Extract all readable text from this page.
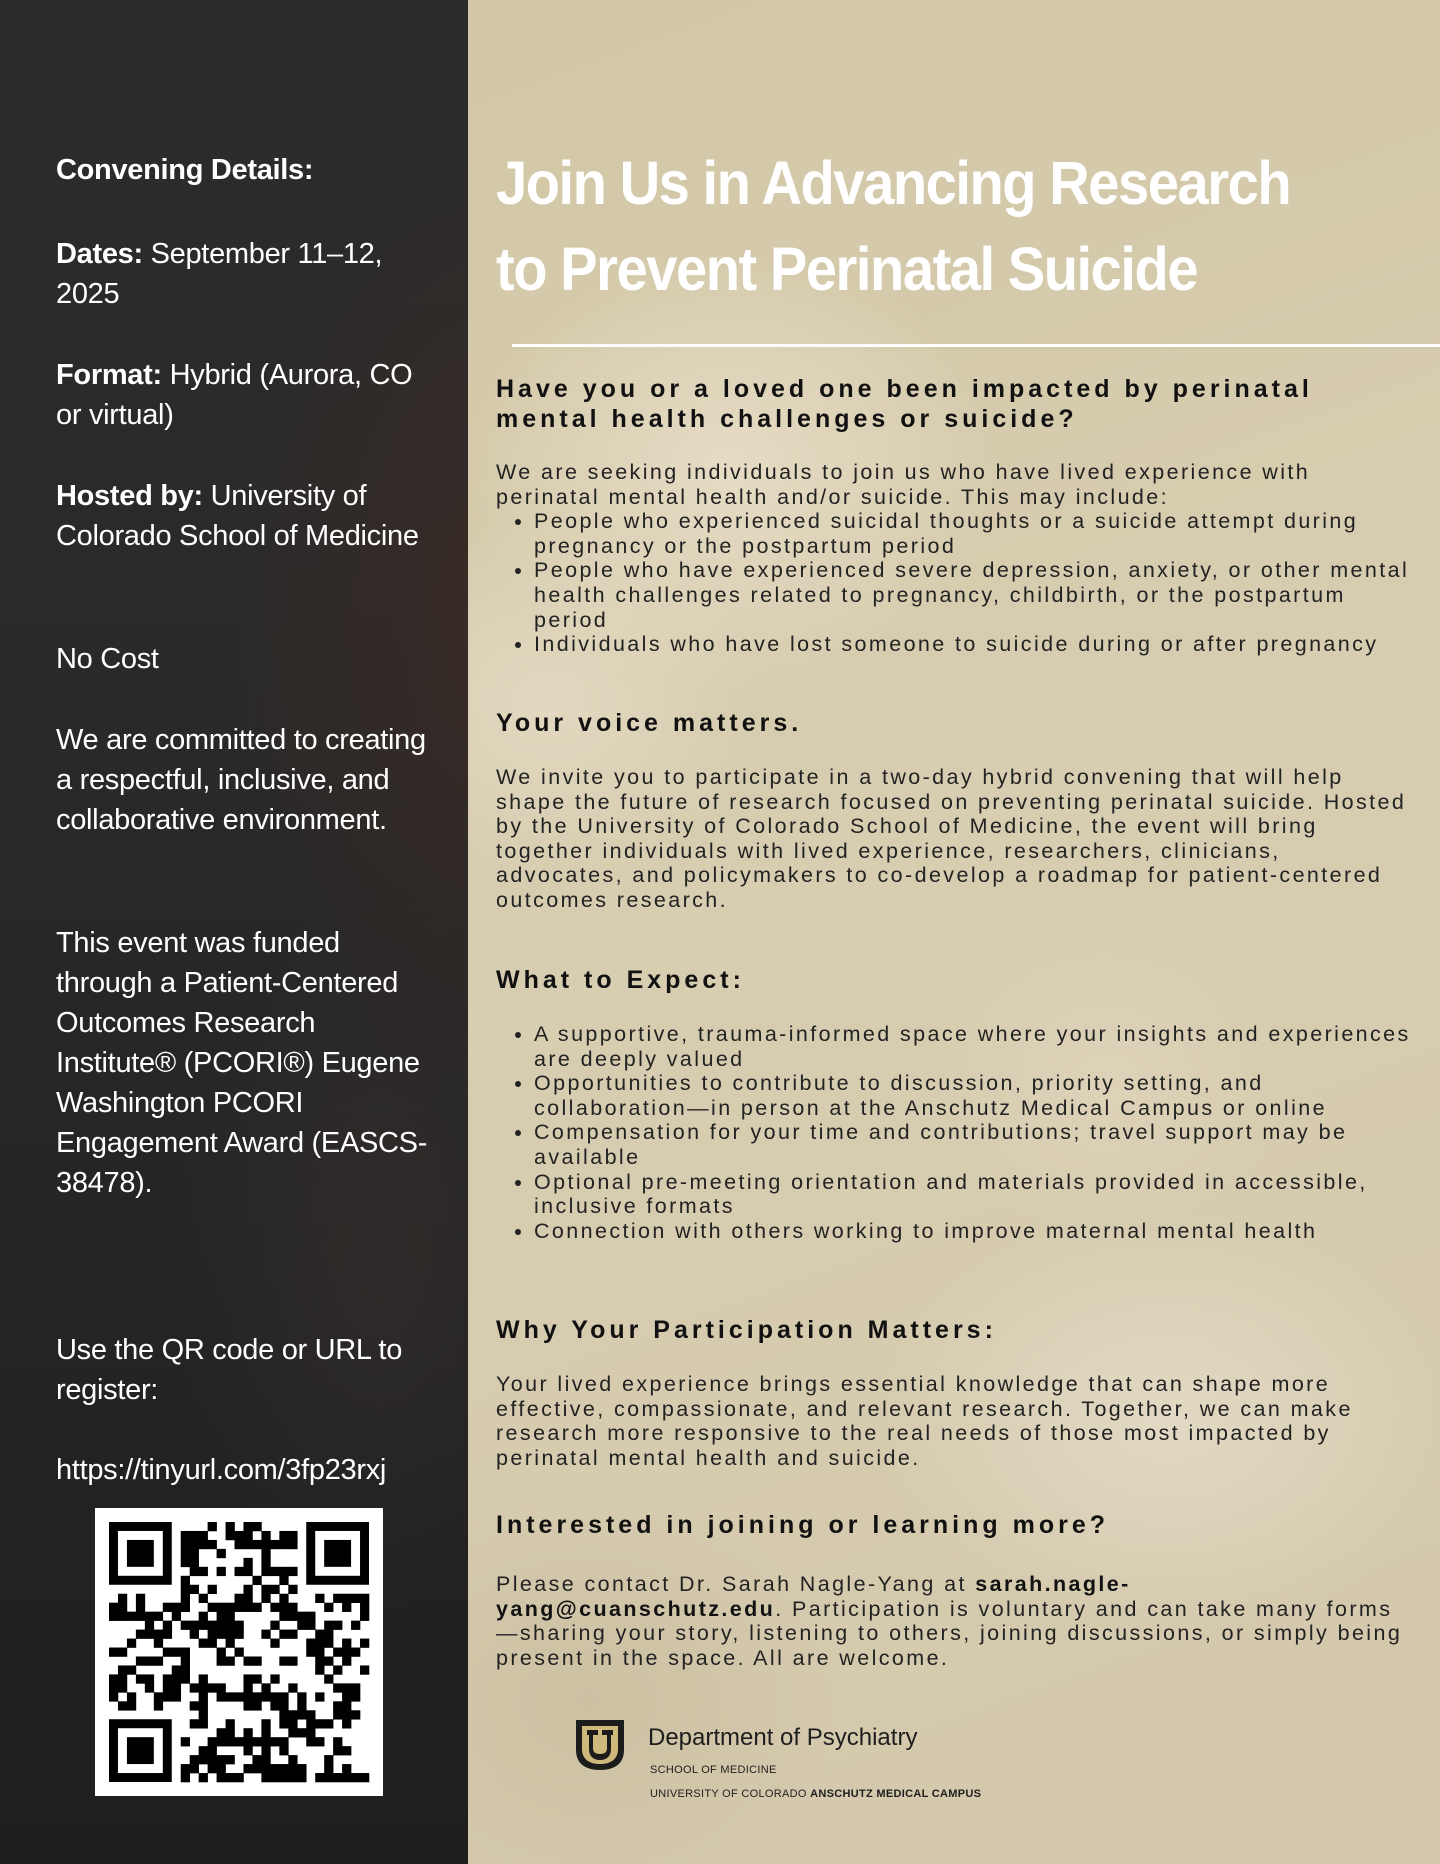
Convening Details:
Dates: September 11–12, 2025
Format: Hybrid (Aurora, CO or virtual)
Hosted by: University of Colorado School of Medicine
No Cost
We are committed to creating a respectful, inclusive, and collaborative environment.
This event was funded through a Patient-Centered Outcomes Research Institute® (PCORI®) Eugene Washington PCORI Engagement Award (EASCS-38478).
Use the QR code or URL to register:
https://tinyurl.com/3fp23rxj
Join Us in Advancing Research to Prevent Perinatal Suicide
Have you or a loved one been impacted by perinatal mental health challenges or suicide?
We are seeking individuals to join us who have lived experience with perinatal mental health and/or suicide. This may include:
• People who experienced suicidal thoughts or a suicide attempt during pregnancy or the postpartum period
• People who have experienced severe depression, anxiety, or other mental health challenges related to pregnancy, childbirth, or the postpartum period
• Individuals who have lost someone to suicide during or after pregnancy
Your voice matters.
We invite you to participate in a two-day hybrid convening that will help shape the future of research focused on preventing perinatal suicide. Hosted by the University of Colorado School of Medicine, the event will bring together individuals with lived experience, researchers, clinicians, advocates, and policymakers to co-develop a roadmap for patient-centered outcomes research.
What to Expect:
• A supportive, trauma-informed space where your insights and experiences are deeply valued
• Opportunities to contribute to discussion, priority setting, and collaboration—in person at the Anschutz Medical Campus or online
• Compensation for your time and contributions; travel support may be available
• Optional pre-meeting orientation and materials provided in accessible, inclusive formats
• Connection with others working to improve maternal mental health
Why Your Participation Matters:
Your lived experience brings essential knowledge that can shape more effective, compassionate, and relevant research. Together, we can make research more responsive to the real needs of those most impacted by perinatal mental health and suicide.
Interested in joining or learning more?
Please contact Dr. Sarah Nagle-Yang at sarah.nagle-yang@cuanschutz.edu. Participation is voluntary and can take many forms—sharing your story, listening to others, joining discussions, or simply being present in the space. All are welcome.
Department of Psychiatry
SCHOOL OF MEDICINE
UNIVERSITY OF COLORADO ANSCHUTZ MEDICAL CAMPUS
